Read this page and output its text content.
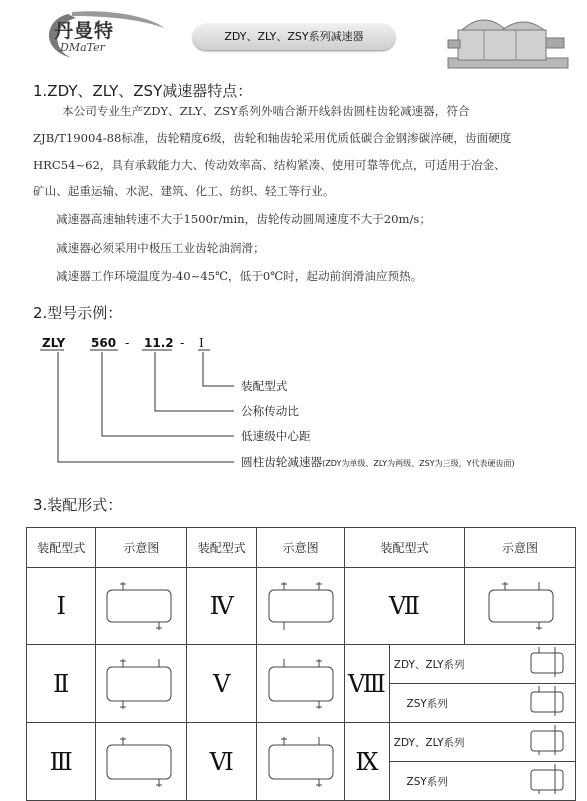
丹曼特
DMaTer
ZDY、ZLY、ZSY系列减速器
1.ZDY、ZLY、ZSY减速器特点：
本公司专业生产ZDY、ZLY、ZSY系列外啮合渐开线斜齿圆柱齿轮减速器，符合
ZJB/T19004-88标准，齿轮精度6级，齿轮和轴齿轮采用优质低碳合金钢渗碳淬硬，齿面硬度
HRC54~62，具有承载能力大、传动效率高、结构紧凑、使用可靠等优点，可适用于冶金、
矿山、起重运输、水泥、建筑、化工、纺织、轻工等行业。
减速器高速轴转速不大于1500r/min，齿轮传动圆周速度不大于20m/s；
减速器必须采用中极压工业齿轮油润滑；
减速器工作环境温度为-40~45℃，低于0℃时，起动前润滑油应预热。
2.型号示例：
ZLY 560 - 11.2 - Ⅰ
装配型式
公称传动比
低速级中心距
圆柱齿轮减速器(ZDY为单级、ZLY为两级、ZSY为三级，Y代表硬齿面)
3.装配形式：
装配型式	示意图	装配型式	示意图	装配型式		示意图
Ⅰ		Ⅳ		Ⅶ	

Ⅱ		Ⅴ		Ⅷ	ZDY、ZLY系列	
					ZSY系列	
Ⅲ		Ⅵ		Ⅸ	ZDY、ZLY系列	
					ZSY系列	
